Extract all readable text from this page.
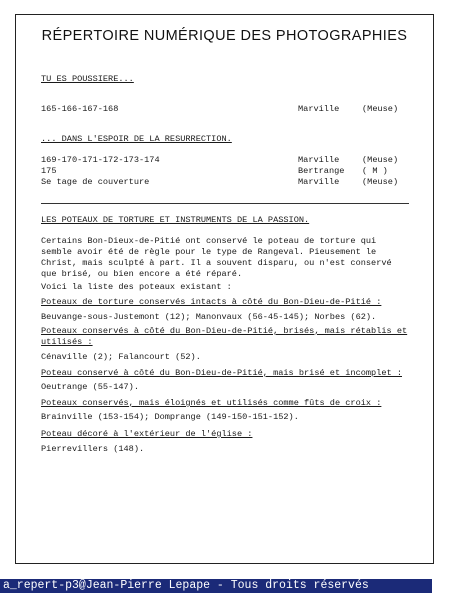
RÉPERTOIRE NUMÉRIQUE DES PHOTOGRAPHIES
TU ES POUSSIERE...
165-166-167-168	Marville	(Meuse)
... DANS L'ESPOIR DE LA RESURRECTION.
169-170-171-172-173-174	Marville	(Meuse)
175	Bertrange ( M )
Se tage de couverture	Marville	(Meuse)
LES POTEAUX DE TORTURE ET INSTRUMENTS DE LA PASSION.
Certains Bon-Dieux-de-Pitié ont conservé le poteau de torture qui
semble avoir été de règle pour le type de Rangeval. Pieusement le
Christ, mais sculpté à part. Il a souvent disparu, ou n'est conservé
que brisé, ou bien encore a été réparé.
Voici la liste des poteaux existant :
Poteaux de torture conservés intacts à côté du Bon-Dieu-de-Pitié :
Beuvange-sous-Justemont (12); Manonvaux (56-45-145); Norbes (62).
Poteaux conservés à côté du Bon-Dieu-de-Pitié, brisés, mais rétablis et utilisés :
Cénaville (2); Falancourt (52).
Poteau conservé à côté du Bon-Dieu-de-Pitié, mais brisé et incomplet :
Oeutrange (55-147).
Poteaux conservés, mais éloignés et utilisés comme fûts de croix :
Brainville (153-154); Domprange (149-150-151-152).
Poteau décoré à l'extérieur de l'église :
Pierrevillers (148).
a_repert-p3@Jean-Pierre Lepape - Tous droits réservés
